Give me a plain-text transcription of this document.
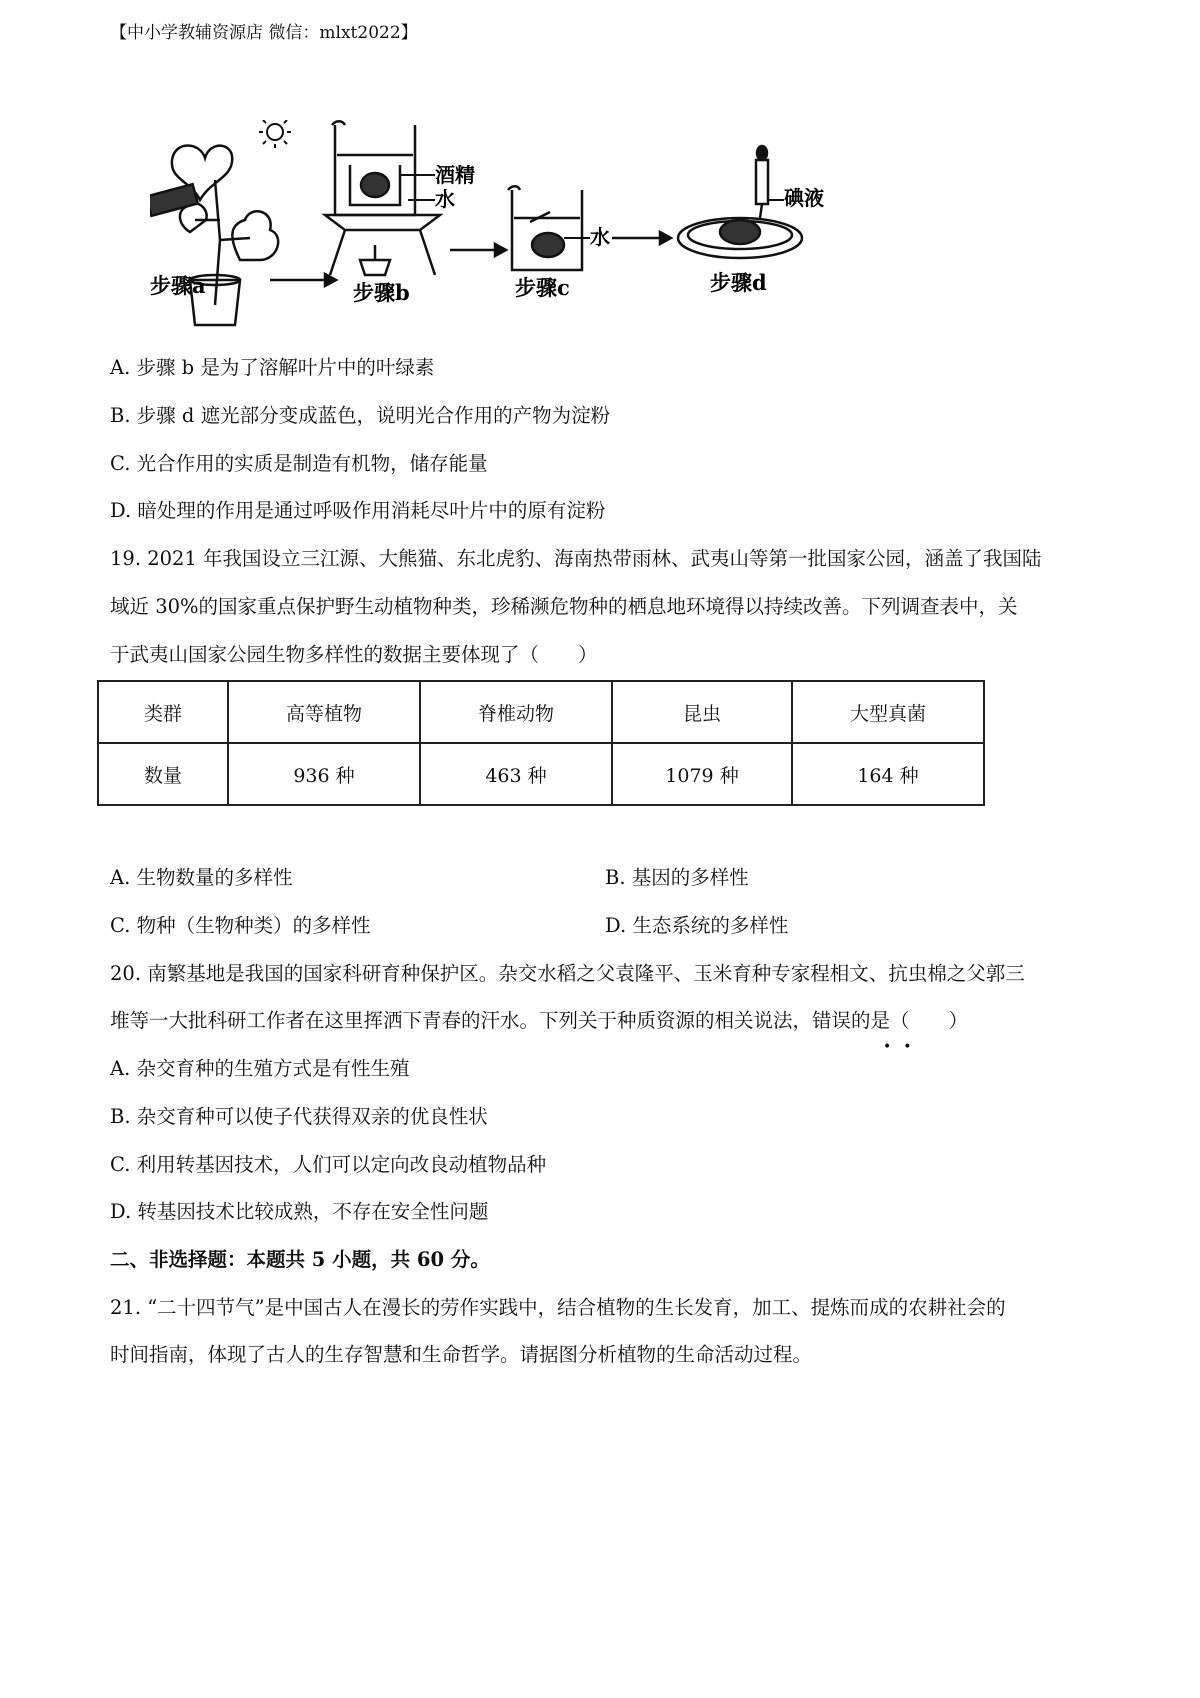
【中小学教辅资源店 微信：mlxt2022】
酒精
水
步骤b
步骤a
水
步骤c
碘液
步骤d
A. 步骤 b 是为了溶解叶片中的叶绿素
B. 步骤 d 遮光部分变成蓝色，说明光合作用的产物为淀粉
C. 光合作用的实质是制造有机物，储存能量
D. 暗处理的作用是通过呼吸作用消耗尽叶片中的原有淀粉
19. 2021 年我国设立三江源、大熊猫、东北虎豹、海南热带雨林、武夷山等第一批国家公园，涵盖了我国陆
域近 30%的国家重点保护野生动植物种类，珍稀濒危物种的栖息地环境得以持续改善。下列调查表中，关
于武夷山国家公园生物多样性的数据主要体现了（　　）
类群	高等植物	脊椎动物	昆虫	大型真菌
数量	936 种	463 种	1079 种	164 种
A. 生物数量的多样性	B. 基因的多样性
C. 物种（生物种类）的多样性	D. 生态系统的多样性
20. 南繁基地是我国的国家科研育种保护区。杂交水稻之父袁隆平、玉米育种专家程相文、抗虫棉之父郭三
堆等一大批科研工作者在这里挥洒下青春的汗水。下列关于种质资源的相关说法，错误的是（　　）
••
A. 杂交育种的生殖方式是有性生殖
B. 杂交育种可以使子代获得双亲的优良性状
C. 利用转基因技术，人们可以定向改良动植物品种
D. 转基因技术比较成熟，不存在安全性问题
二、非选择题：本题共 5 小题，共 60 分。
21. “二十四节气”是中国古人在漫长的劳作实践中，结合植物的生长发育，加工、提炼而成的农耕社会的
时间指南，体现了古人的生存智慧和生命哲学。请据图分析植物的生命活动过程。
